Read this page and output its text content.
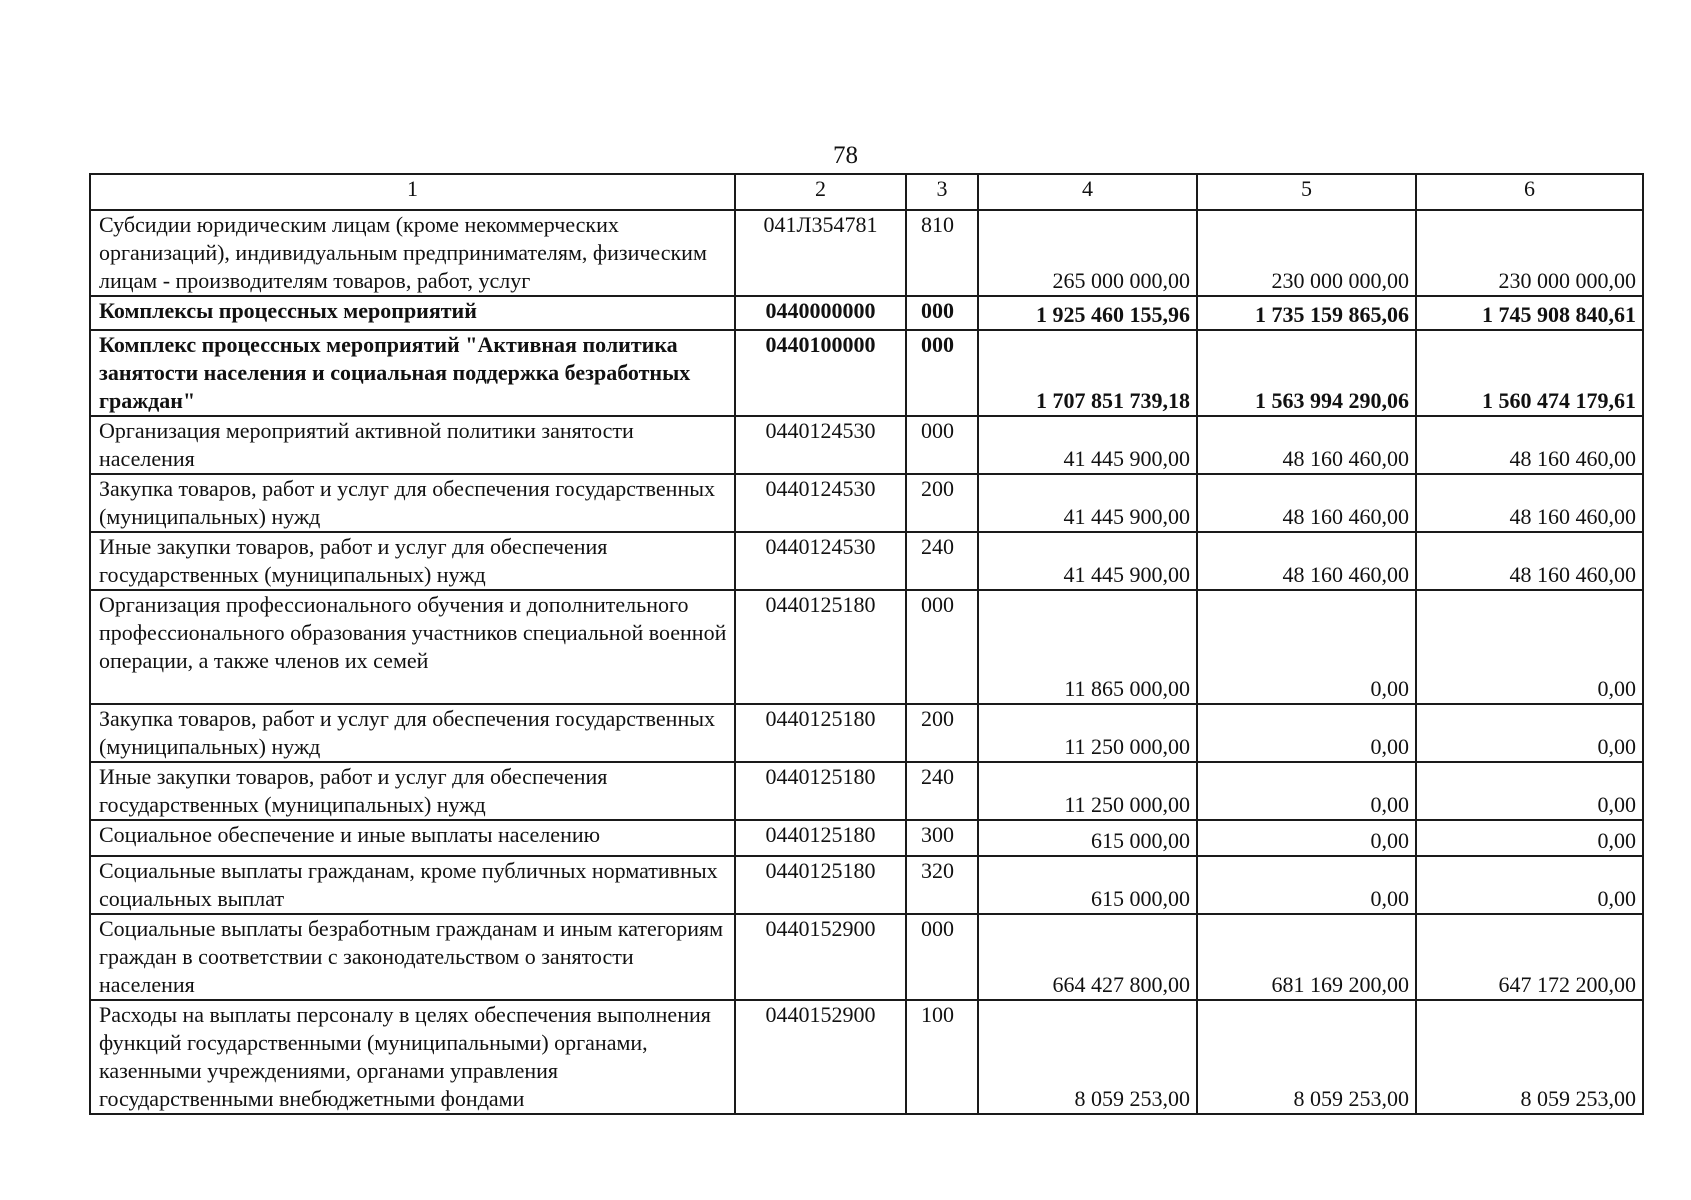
78
1	2	3	4	5	6
Субсидии юридическим лицам (кроме некоммерческих организаций), индивидуальным предпринимателям, физическим лицам - производителям товаров, работ, услуг	041Л354781	810	265 000 000,00	230 000 000,00	230 000 000,00
Комплексы процессных мероприятий	0440000000	000	1 925 460 155,96	1 735 159 865,06	1 745 908 840,61
Комплекс процессных мероприятий "Активная политика занятости населения и социальная поддержка безработных граждан"	0440100000	000	1 707 851 739,18	1 563 994 290,06	1 560 474 179,61
Организация мероприятий активной политики занятости населения	0440124530	000	41 445 900,00	48 160 460,00	48 160 460,00
Закупка товаров, работ и услуг для обеспечения государственных (муниципальных) нужд	0440124530	200	41 445 900,00	48 160 460,00	48 160 460,00
Иные закупки товаров, работ и услуг для обеспечения государственных (муниципальных) нужд	0440124530	240	41 445 900,00	48 160 460,00	48 160 460,00
Организация профессионального обучения и дополнительного профессионального образования участников специальной военной операции, а также членов их семей	0440125180	000	11 865 000,00	0,00	0,00
Закупка товаров, работ и услуг для обеспечения государственных (муниципальных) нужд	0440125180	200	11 250 000,00	0,00	0,00
Иные закупки товаров, работ и услуг для обеспечения государственных (муниципальных) нужд	0440125180	240	11 250 000,00	0,00	0,00
Социальное обеспечение и иные выплаты населению	0440125180	300	615 000,00	0,00	0,00
Социальные выплаты гражданам, кроме публичных нормативных социальных выплат	0440125180	320	615 000,00	0,00	0,00
Социальные выплаты безработным гражданам и иным категориям граждан в соответствии с законодательством о занятости населения	0440152900	000	664 427 800,00	681 169 200,00	647 172 200,00
Расходы на выплаты персоналу в целях обеспечения выполнения функций государственными (муниципальными) органами, казенными учреждениями, органами управления государственными внебюджетными фондами	0440152900	100	8 059 253,00	8 059 253,00	8 059 253,00
